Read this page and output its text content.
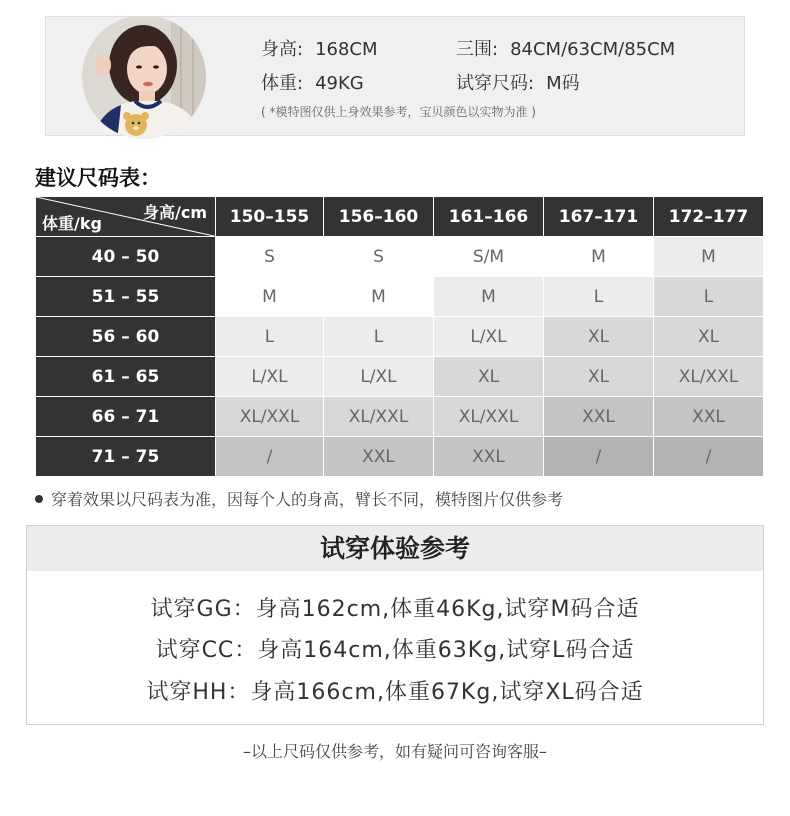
身高: 168CM	三围: 84CM/63CM/85CM
体重: 49KG	试穿尺码: M码
( *模特图仅供上身效果参考，宝贝颜色以实物为准 )
建议尺码表：
身高/cm
体重/kg	150–155	156–160	161–166	167–171	172–177
40 – 50	S	S	S/M	M	M
51 – 55	M	M	M	L	L
56 – 60	L	L	L/XL	XL	XL
61 – 65	L/XL	L/XL	XL	XL	XL/XXL
66 – 71	XL/XXL	XL/XXL	XL/XXL	XXL	XXL
71 – 75	/	XXL	XXL	/	/
穿着效果以尺码表为准，因每个人的身高，臂长不同，模特图片仅供参考
试穿体验参考
试穿GG：身高162cm,体重46Kg,试穿M码合适
试穿CC：身高164cm,体重63Kg,试穿L码合适
试穿HH：身高166cm,体重67Kg,试穿XL码合适
–以上尺码仅供参考，如有疑问可咨询客服–
